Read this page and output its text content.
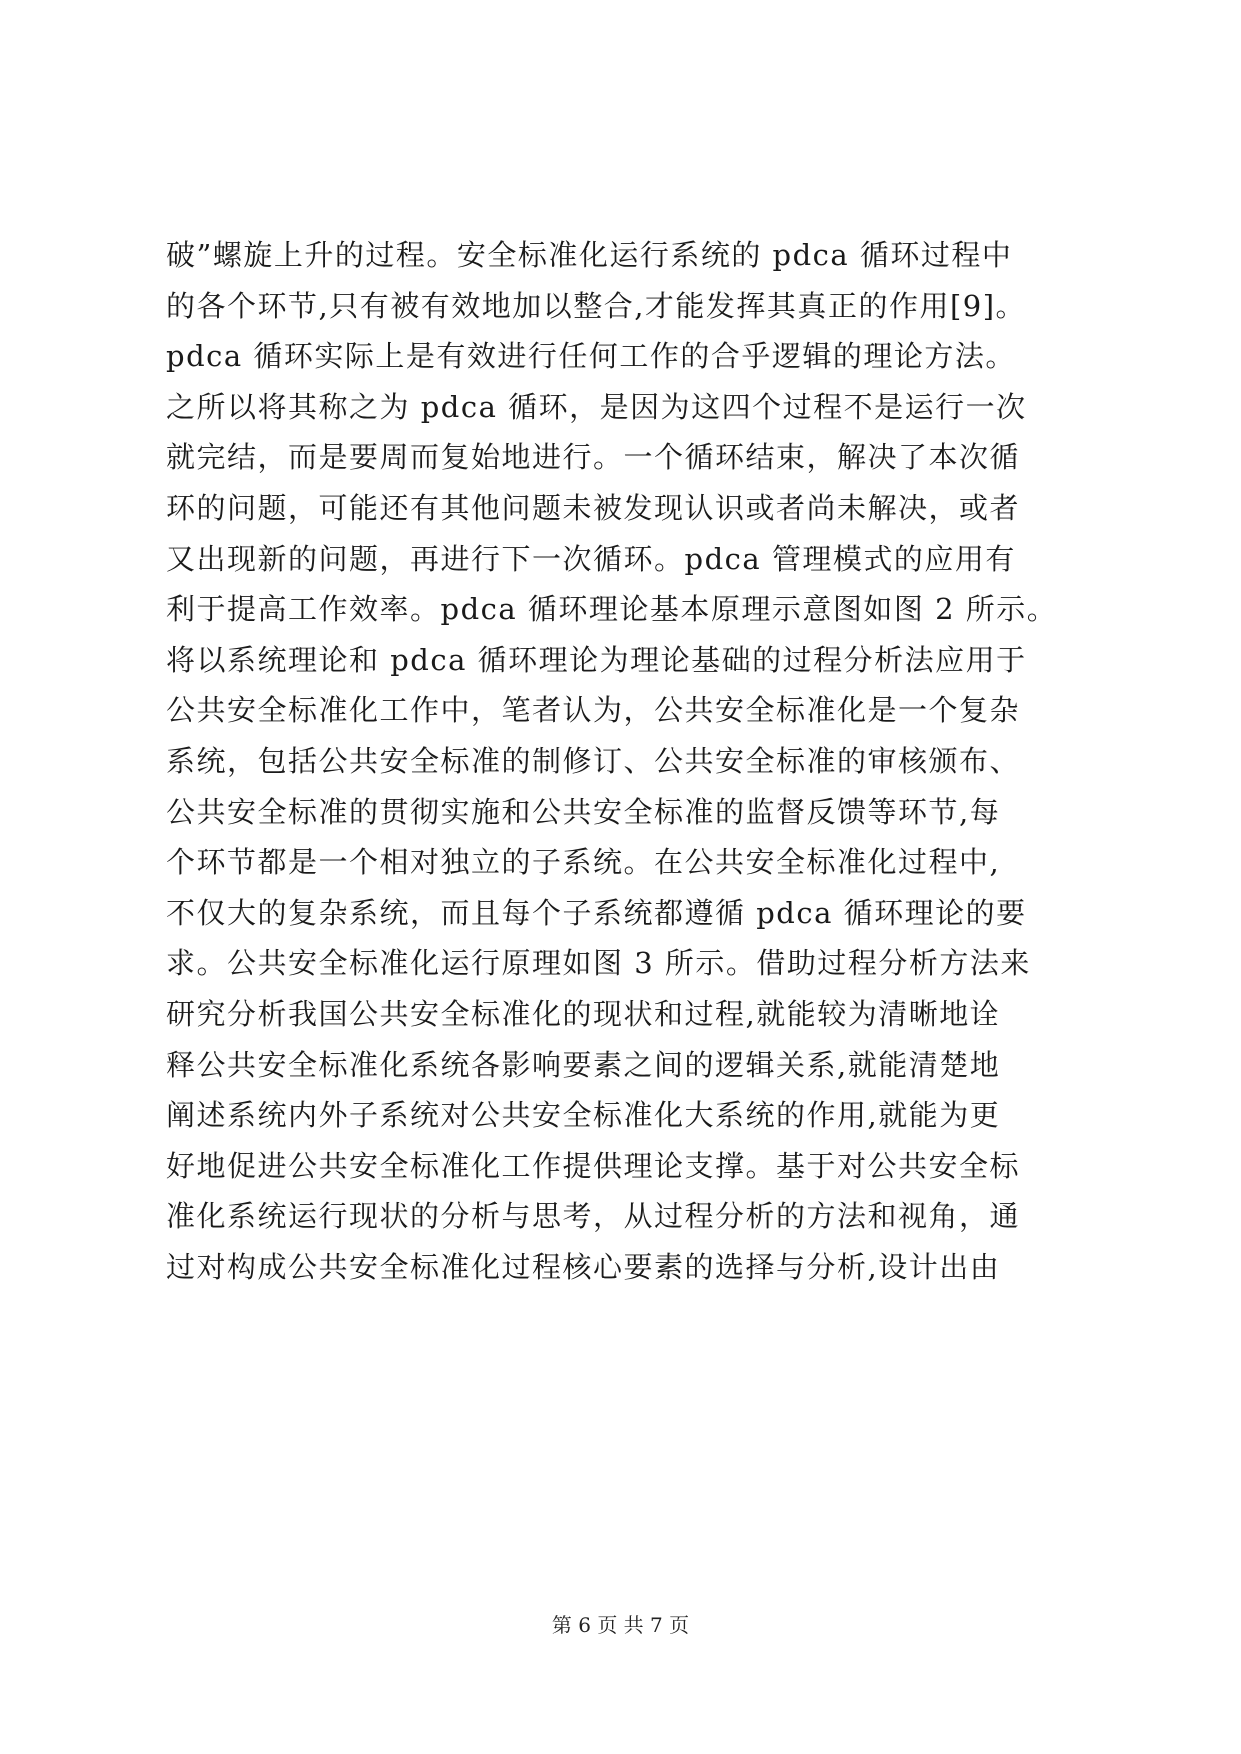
破”螺旋上升的过程。安全标准化运行系统的 pdca 循环过程中
的各个环节,只有被有效地加以整合,才能发挥其真正的作用[9]。
pdca 循环实际上是有效进行任何工作的合乎逻辑的理论方法。
之所以将其称之为 pdca 循环，是因为这四个过程不是运行一次
就完结，而是要周而复始地进行。一个循环结束，解决了本次循
环的问题，可能还有其他问题未被发现认识或者尚未解决，或者
又出现新的问题，再进行下一次循环。pdca 管理模式的应用有
利于提高工作效率。pdca 循环理论基本原理示意图如图 2 所示。
将以系统理论和 pdca 循环理论为理论基础的过程分析法应用于
公共安全标准化工作中，笔者认为，公共安全标准化是一个复杂
系统，包括公共安全标准的制修订、公共安全标准的审核颁布、
公共安全标准的贯彻实施和公共安全标准的监督反馈等环节,每
个环节都是一个相对独立的子系统。在公共安全标准化过程中,
不仅大的复杂系统，而且每个子系统都遵循 pdca 循环理论的要
求。公共安全标准化运行原理如图 3 所示。借助过程分析方法来
研究分析我国公共安全标准化的现状和过程,就能较为清晰地诠
释公共安全标准化系统各影响要素之间的逻辑关系,就能清楚地
阐述系统内外子系统对公共安全标准化大系统的作用,就能为更
好地促进公共安全标准化工作提供理论支撑。基于对公共安全标
准化系统运行现状的分析与思考，从过程分析的方法和视角，通
过对构成公共安全标准化过程核心要素的选择与分析,设计出由
第 6 页 共 7 页
